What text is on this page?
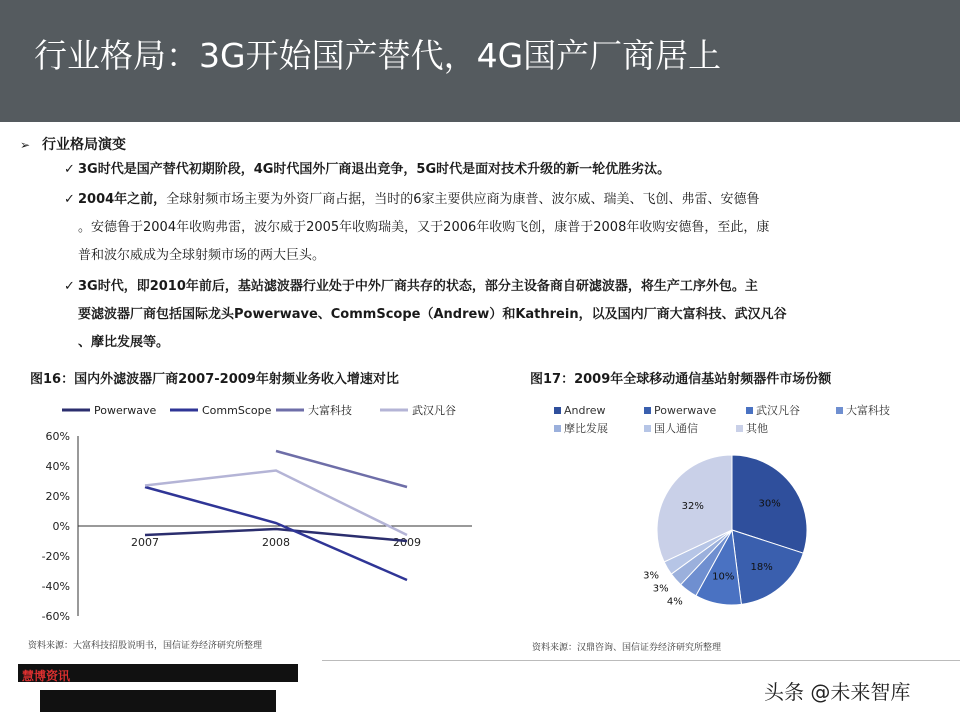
行业格局：3G开始国产替代，4G国产厂商居上
➢ 行业格局演变
✓ 3G时代是国产替代初期阶段，4G时代国外厂商退出竞争，5G时代是面对技术升级的新一轮优胜劣汰。
✓ 2004年之前，全球射频市场主要为外资厂商占据，当时的6家主要供应商为康普、波尔威、瑞美、飞创、弗雷、安德鲁
。安德鲁于2004年收购弗雷，波尔威于2005年收购瑞美，又于2006年收购飞创，康普于2008年收购安德鲁，至此，康
普和波尔威成为全球射频市场的两大巨头。
✓ 3G时代，即2010年前后，基站滤波器行业处于中外厂商共存的状态，部分主设备商自研滤波器，将生产工序外包。主
要滤波器厂商包括国际龙头Powerwave、CommScope（Andrew）和Kathrein，以及国内厂商大富科技、武汉凡谷
、摩比发展等。
图16：国内外滤波器厂商2007-2009年射频业务收入增速对比	图17：2009年全球移动通信基站射频器件市场份额
Powerwave	CommScope	大富科技	武汉凡谷
60%
40%
20%
0%
-20%
-40%
-60%
2007	2008	2009
Andrew	Powerwave	武汉凡谷	大富科技
摩比发展	国人通信	其他
30%
18%
10%
4%
3%
3%
32%
资料来源：大富科技招股说明书，国信证券经济研究所整理	资料来源：汉鼎咨询、国信证券经济研究所整理
慧博资讯
头条 @未来智库
